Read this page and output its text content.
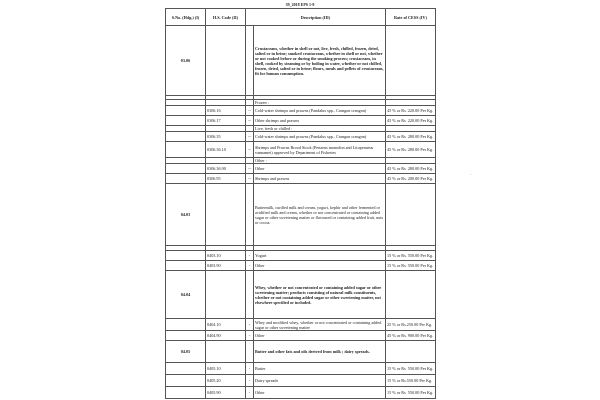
39_2018 EPS 1-9
S.No. (Hdg.) (I)	H.S. Code (II)	Description (III)		Rate of CESS (IV)
03.06			Crustaceans, whether in shell or not, live, fresh, chilled, frozen, dried, salted or in brine; smoked crustaceans, whether in shell or not, whether or not cooked before or during the smoking process; crustaceans, in shell, cooked by steaming or by boiling in water, whether or not chilled, frozen, dried, salted or in brine; flours, meals and pellets of crustaceans, fit for human consumption.	

			Frozen :	
	0306.16	--	Cold-water shrimps and prawns (Pandalus spp., Crangon crangon)	45 % or Rs. 220.00 Per Kg.
	0306.17	--	Other shrimps and prawns	45 % or Rs. 220.00 Per Kg.
			Live, fresh or chilled :	
	0306.35	--	Cold-water shrimps and prawns (Pandalus spp., Crangon crangon)	45 % or Rs. 280.00 Per Kg.
	0306.36.10	--	Shrimps and Prawns Brood Stock (Penaeus monodon and Litopenaeus vannamei) approved by Department of Fisheries	45 % or Rs. 280.00 Per Kg.
			Other :	
	0306.36.90	--	Other	45 % or Rs. 280.00 Per Kg.
	0306.95	--	Shrimps and prawns	45 % or Rs. 200.00 Per Kg.
04.03			Buttermilk, curdled milk and cream, yogurt, kephir and other fermented or acidified milk and cream, whether or not concentrated or containing added sugar or other sweetening matter or flavoured or containing added fruit, nuts or cocoa.	

	0403.10	-	Yogurt	15 % or Rs. 550.00 Per Kg.
	0403.90	-	Other	15 % or Rs. 550.00 Per Kg.
04.04			Whey, whether or not concentrated or containing added sugar or other sweetening matter; products consisting of natural milk constituents, whether or not containing added sugar or other sweetening matter, not elsewhere specified or included.	
	0404.10	-	Whey and modified whey, whether or not concentrated or containing added sugar or other sweetening matter	25 % or Rs.250.00 Per Kg.
	0404.90	-	Other	45 % or Rs. 900.00 Per Kg.
04.05			Butter and other fats and oils derived from milk ; dairy spreads.	
	0405.10	-	Butter	15 % or Rs. 550.00 Per Kg.
	0405.20	-	Dairy spreads	15 % or Rs.550.00 Per Kg.
	0405.90	-	Other	15 % or Rs. 550.00 Per Kg.
·
